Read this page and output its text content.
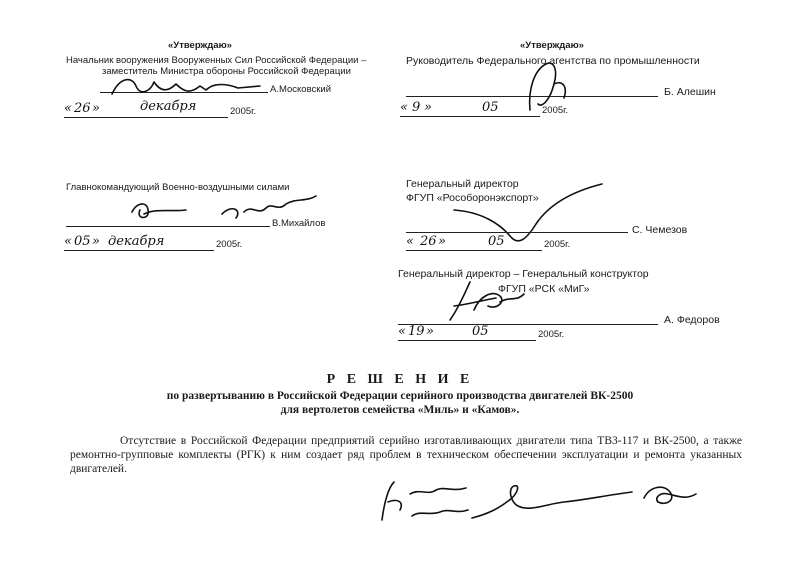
«Утверждаю»
Начальник вооружения Вооруженных Сил Российской Федерации –
заместитель Министра обороны Российской Федерации
А.Московский
« 26 »	декабря	2005г.
«Утверждаю»
Руководитель Федерального агентства по промышленности
Б. Алешин
« 9 »	05	2005г.
Главнокомандующий Военно-воздушными силами
В.Михайлов
« 05 » декабря	2005г.
Генеральный директор
ФГУП «Рособоронэкспорт»
С. Чемезов
« 26 »	05	2005г.
Генеральный директор – Генеральный конструктор
ФГУП «РСК «МиГ»
А. Федоров
« 19 »	05	2005г.
Р Е Ш Е Н И Е
по развертыванию в Российской Федерации серийного производства двигателей ВК-2500
для вертолетов семейства «Миль» и «Камов».
Отсутствие в Российской Федерации предприятий серийно изготавливающих двигатели типа ТВ3-117 и ВК-2500, а также ремонтно-групповые комплекты (РГК) к ним создает ряд проблем в техническом обеспечении эксплуатации и ремонта указанных двигателей.
